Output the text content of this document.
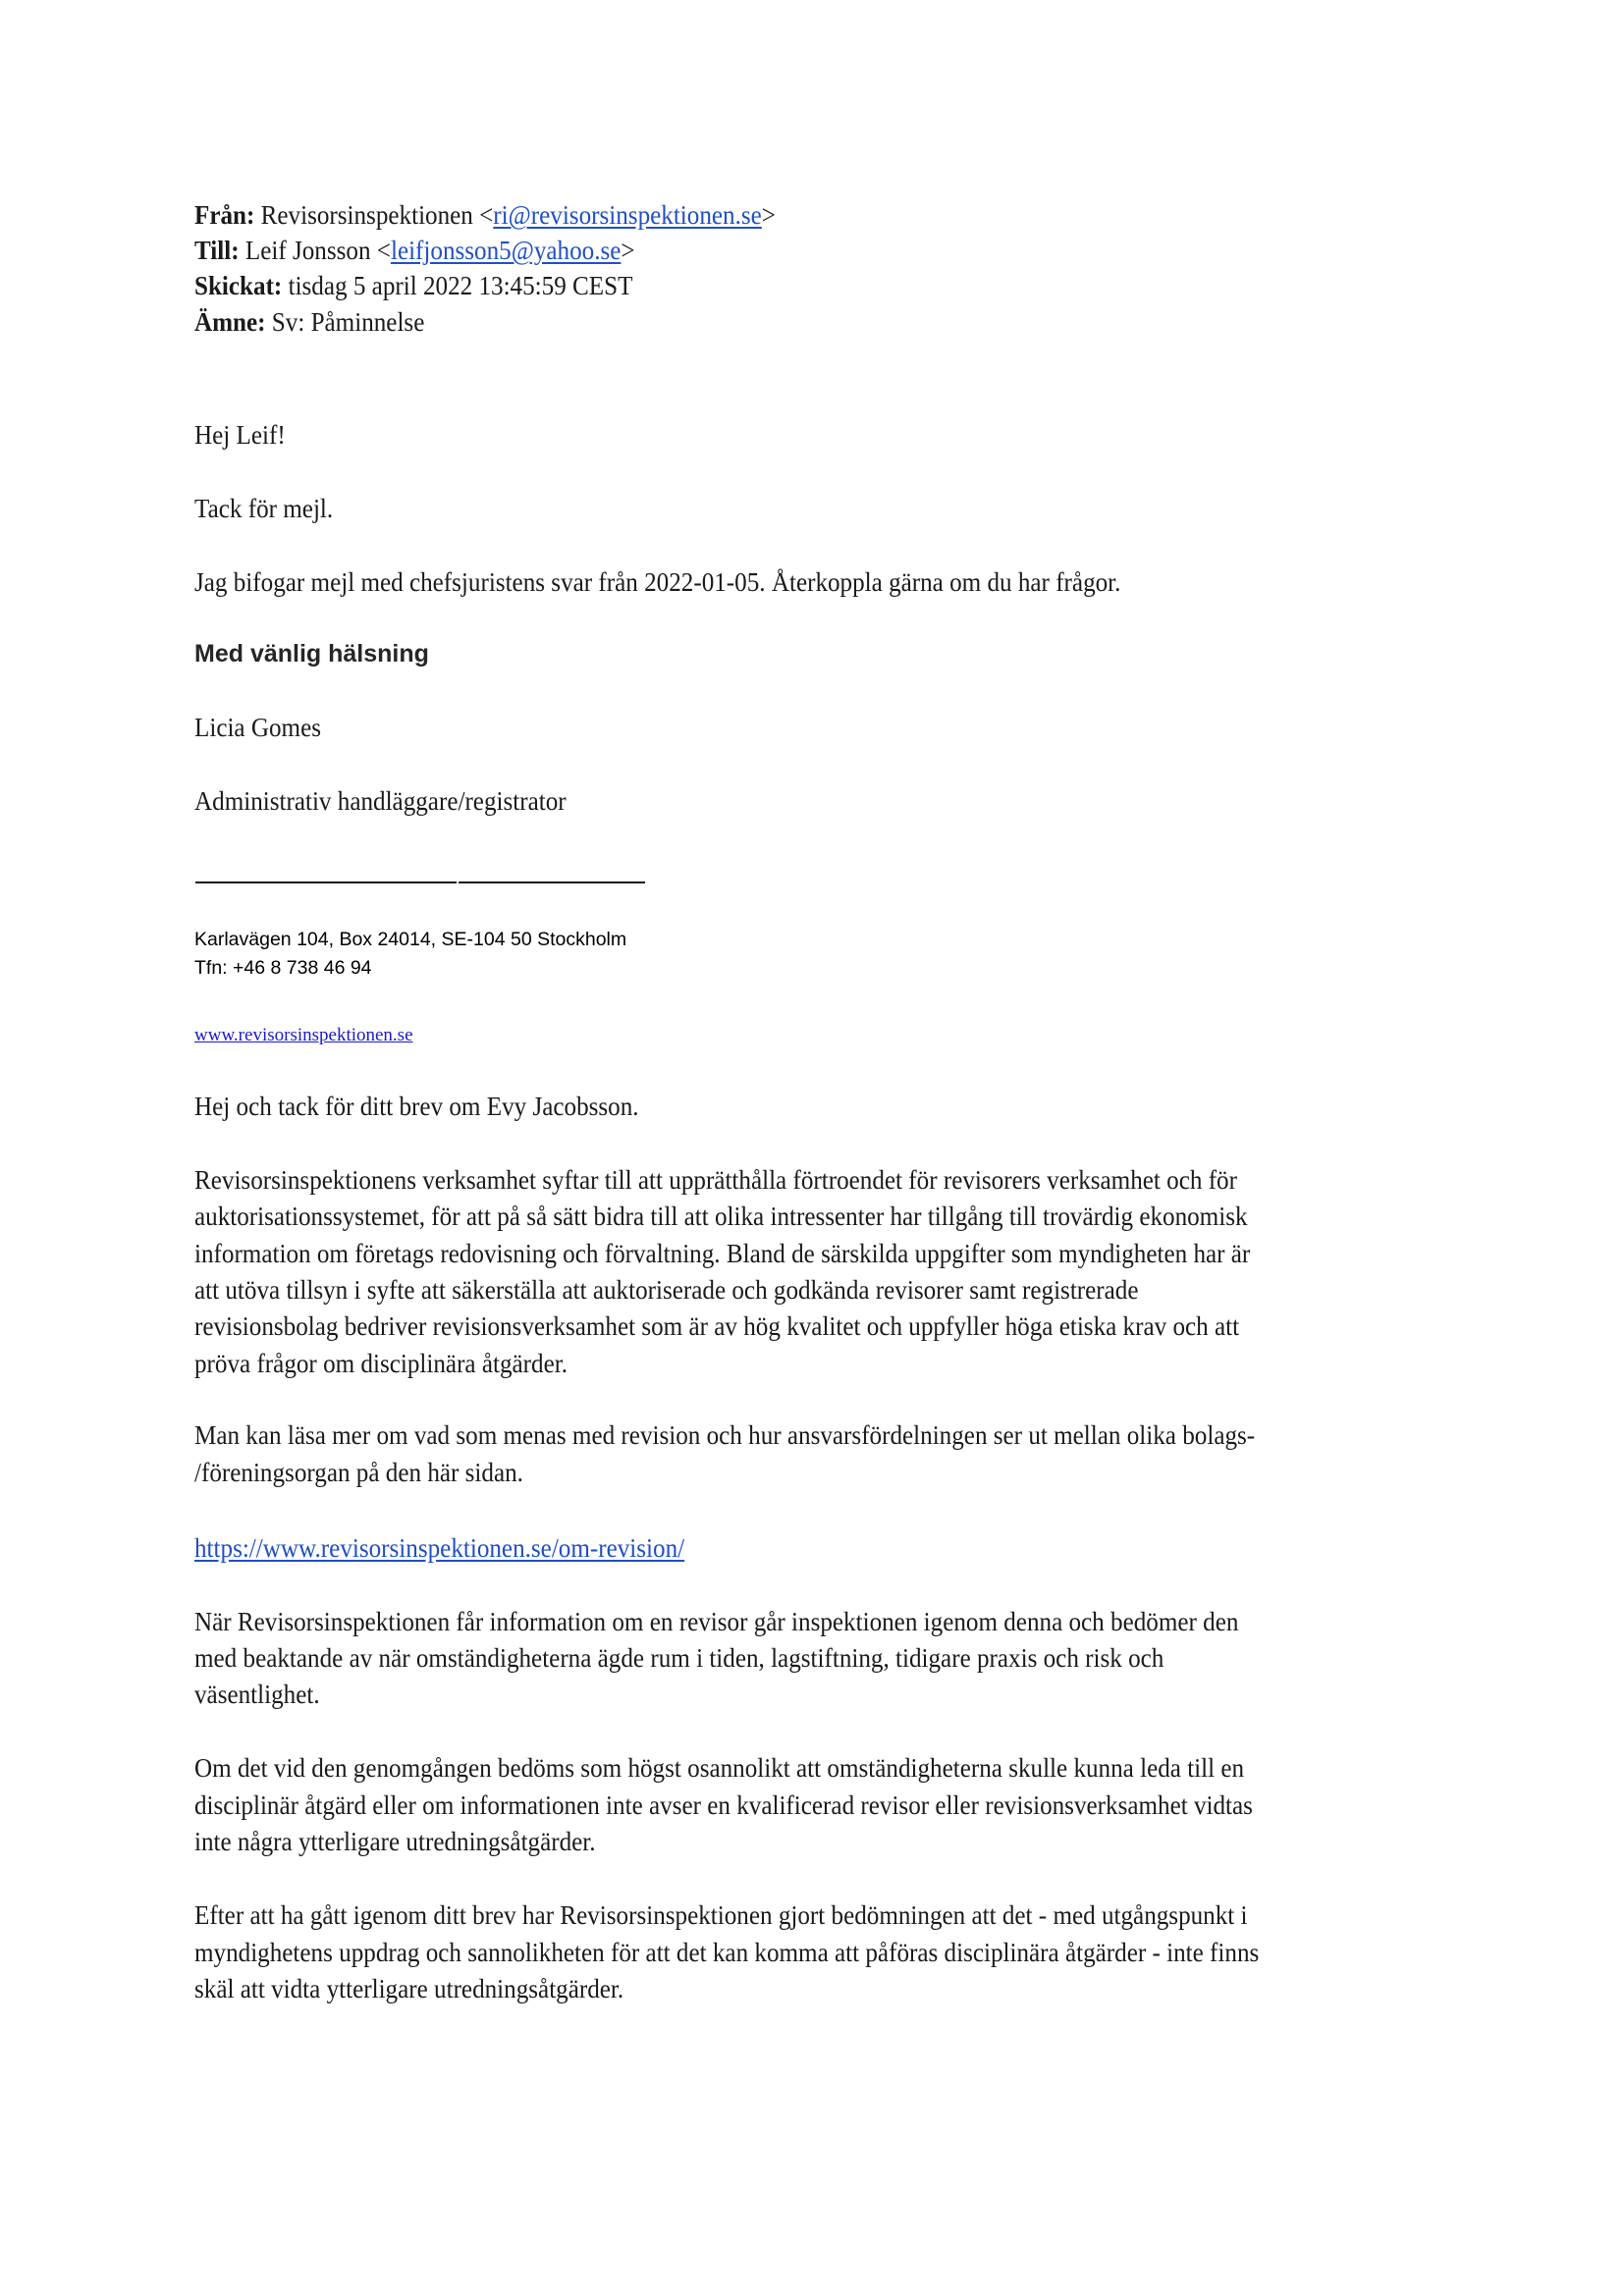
Från: Revisorsinspektionen <ri@revisorsinspektionen.se>
Till: Leif Jonsson <leifjonsson5@yahoo.se>
Skickat: tisdag 5 april 2022 13:45:59 CEST
Ämne: Sv: Påminnelse
Hej Leif!
Tack för mejl.
Jag bifogar mejl med chefsjuristens svar från 2022-01-05. Återkoppla gärna om du har frågor.
Med vänlig hälsning
Licia Gomes
Administrativ handläggare/registrator
Karlavägen 104, Box 24014, SE-104 50 Stockholm
Tfn: +46 8 738 46 94
www.revisorsinspektionen.se
Hej och tack för ditt brev om Evy Jacobsson.
Revisorsinspektionens verksamhet syftar till att upprätthålla förtroendet för revisorers verksamhet och för
auktorisationssystemet, för att på så sätt bidra till att olika intressenter har tillgång till trovärdig ekonomisk
information om företags redovisning och förvaltning. Bland de särskilda uppgifter som myndigheten har är
att utöva tillsyn i syfte att säkerställa att auktoriserade och godkända revisorer samt registrerade
revisionsbolag bedriver revisionsverksamhet som är av hög kvalitet och uppfyller höga etiska krav och att
pröva frågor om disciplinära åtgärder.
Man kan läsa mer om vad som menas med revision och hur ansvarsfördelningen ser ut mellan olika bolags-
/föreningsorgan på den här sidan.
https://www.revisorsinspektionen.se/om-revision/
När Revisorsinspektionen får information om en revisor går inspektionen igenom denna och bedömer den
med beaktande av när omständigheterna ägde rum i tiden, lagstiftning, tidigare praxis och risk och
väsentlighet.
Om det vid den genomgången bedöms som högst osannolikt att omständigheterna skulle kunna leda till en
disciplinär åtgärd eller om informationen inte avser en kvalificerad revisor eller revisionsverksamhet vidtas
inte några ytterligare utredningsåtgärder.
Efter att ha gått igenom ditt brev har Revisorsinspektionen gjort bedömningen att det - med utgångspunkt i
myndighetens uppdrag och sannolikheten för att det kan komma att påföras disciplinära åtgärder - inte finns
skäl att vidta ytterligare utredningsåtgärder.
